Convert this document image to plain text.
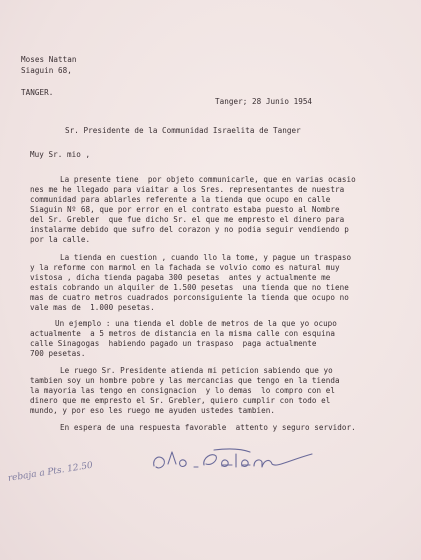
Moses Nattan
Siaguin 68,
TANGER.
Tanger; 28 Junio 1954
Sr. Presidente de la Communidad Israelita de Tanger
Muy Sr. mio ,
La presente tiene  por objeto communicarle, que en varias ocasio
nes me he llegado para viaitar a los Sres. representantes de nuestra
communidad para ablarles referente a la tienda que ocupo en calle
Siaguin Nº 68, que por error en el contrato estaba puesto al Nombre
del Sr. Grebler  que fue dicho Sr. el que me empresto el dinero para
instalarme debido que sufro del corazon y no podia seguir vendiendo p
por la calle.
La tienda en cuestion , cuando llo la tome, y pague un traspaso
y la reforme con marmol en la fachada se volvio como es natural muy
vistosa , dicha tienda pagaba 300 pesetas  antes y actualmente me
estais cobrando un alquiler de 1.500 pesetas  una tienda que no tiene
mas de cuatro metros cuadrados porconsiguiente la tienda que ocupo no
vale mas de  1.000 pesetas.
Un ejemplo : una tienda el doble de metros de la que yo ocupo
actualmente  a 5 metros de distancia en la misma calle con esquina
calle Sinagogas  habiendo pagado un traspaso  paga actualmente
700 pesetas.
Le ruego Sr. Presidente atienda mi peticion sabiendo que yo
tambien soy un hombre pobre y las mercancias que tengo en la tienda
la mayoria las tengo en consignacion  y lo demas  lo compro con el
dinero que me empresto el Sr. Grebler, quiero cumplir con todo el
mundo, y por eso les ruego me ayuden ustedes tambien.
En espera de una respuesta favorable  attento y seguro servidor.
rebaja a Pts. 12.50
